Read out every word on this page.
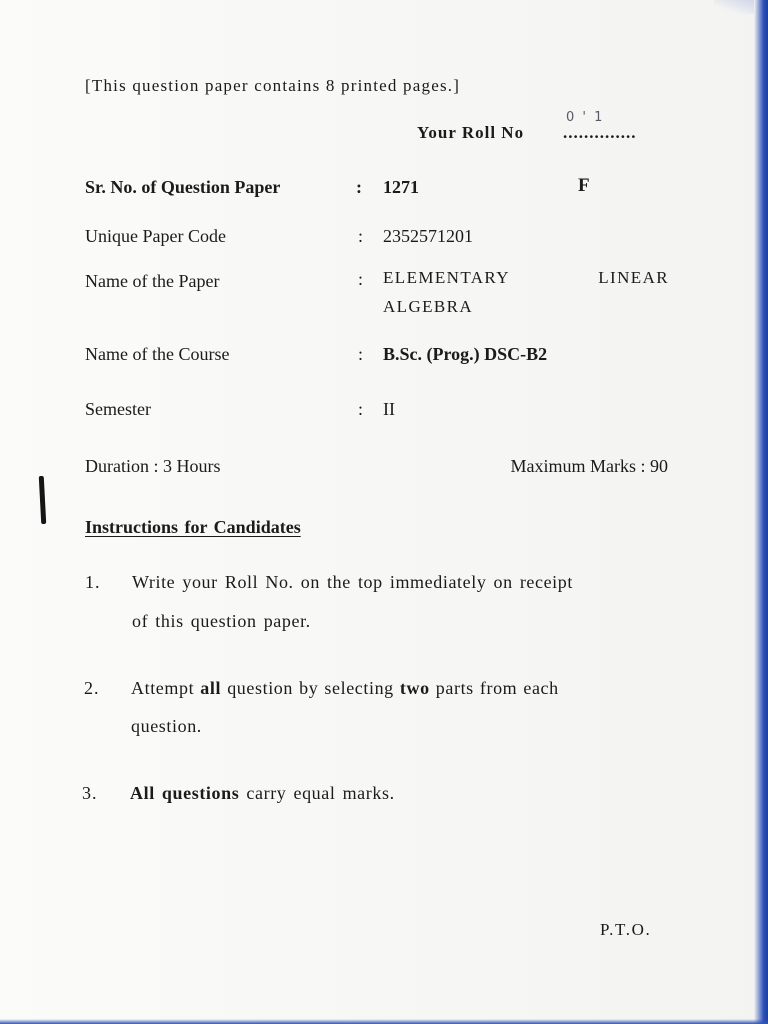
[This question paper contains 8 printed pages.]
Your Roll No ..............
0 ' 1
Sr. No. of Question Paper	: 1271	F
Unique Paper Code	: 2352571201
Name of the Paper	: ELEMENTARY	LINEAR
ALGEBRA
Name of the Course	: B.Sc. (Prog.) DSC-B2
Semester	: II
Duration : 3 Hours	Maximum Marks : 90
Instructions for Candidates
1. Write your Roll No. on the top immediately on receipt
of this question paper.
2. Attempt all question by selecting two parts from each
question.
3. All questions carry equal marks.
P.T.O.
